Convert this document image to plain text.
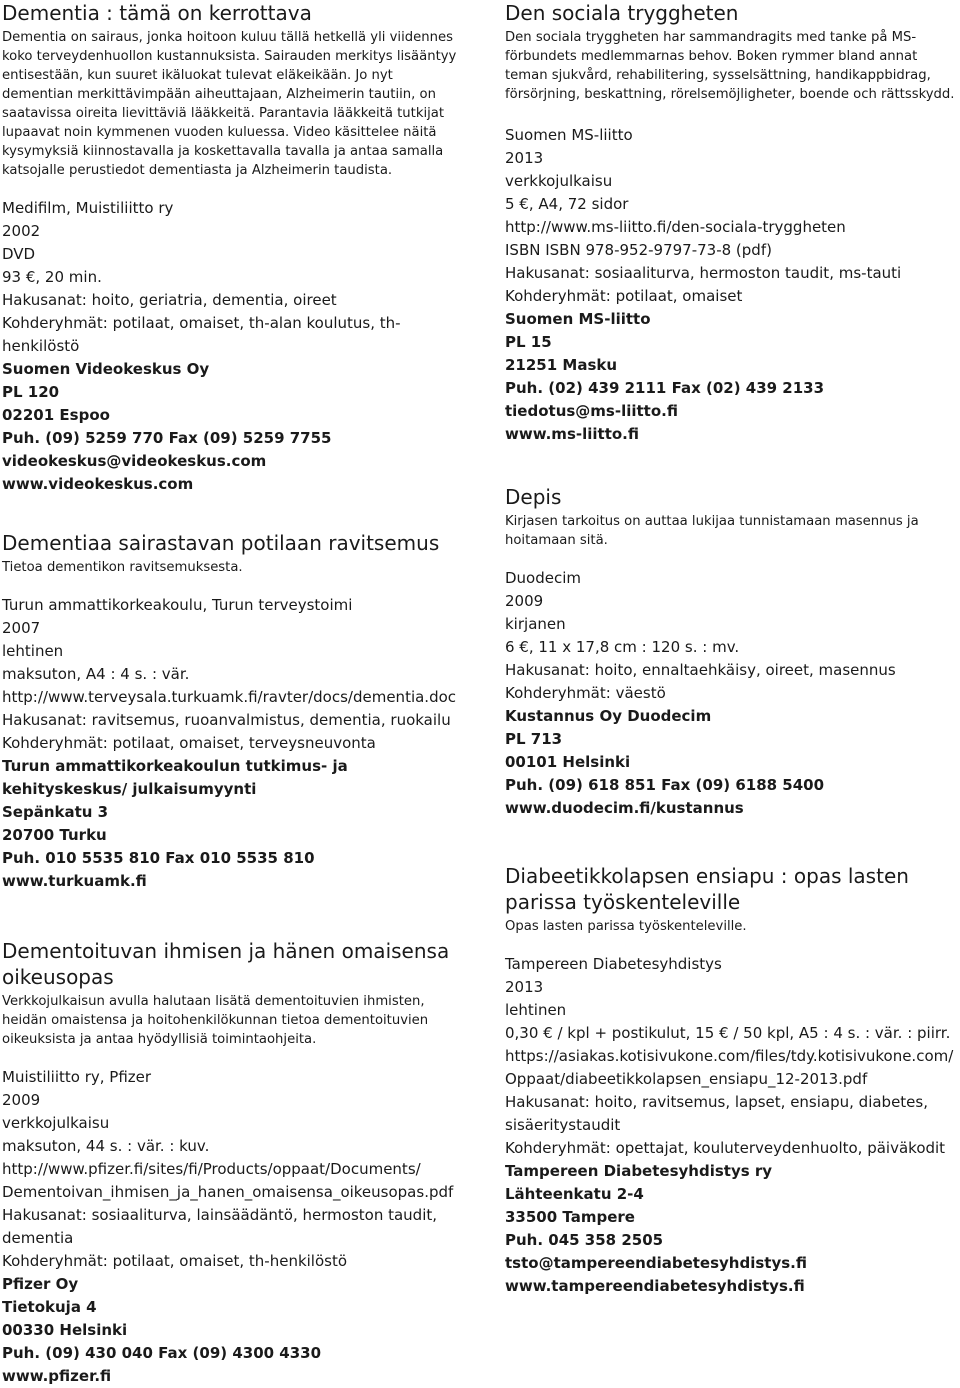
Dementia : tämä on kerrottava

Dementia on sairaus, jonka hoitoon kuluu tällä hetkellä yli viidennes koko terveydenhuollon kustannuksista. Sairauden merkitys lisääntyy entisestään, kun suuret ikäluokat tulevat eläkeikään. Jo nyt dementian merkittävimpään aiheuttajaan, Alzheimerin tautiin, on saatavissa oireita lievittäviä lääkkeitä. Parantavia lääkkeitä tutkijat lupaavat noin kymmenen vuoden kuluessa. Video käsittelee näitä kysymyksiä kiinnostavalla ja koskettavalla tavalla ja antaa samalla katsojalle perustiedot dementiasta ja Alzheimerin taudista.

Medifilm, Muistiliitto ry

2002

DVD

93 €, 20 min.

Hakusanat: hoito, geriatria, dementia, oireet

Kohderyhmät: potilaat, omaiset, th-alan koulutus, th-henkilöstö

Suomen Videokeskus Oy

PL 120

02201 Espoo

Puh. (09) 5259 770 Fax (09) 5259 7755

videokeskus@videokeskus.com

www.videokeskus.com

Dementiaa sairastavan potilaan ravitsemus

Tietoa dementikon ravitsemuksesta.

Turun ammattikorkeakoulu, Turun terveystoimi

2007

lehtinen

maksuton, A4 : 4 s. : vär.

http://www.terveysala.turkuamk.fi/ravter/docs/dementia.doc

Hakusanat: ravitsemus, ruoanvalmistus, dementia, ruokailu

Kohderyhmät: potilaat, omaiset, terveysneuvonta

Turun ammattikorkeakoulun tutkimus- ja kehityskeskus/ julkaisumyynti

Sepänkatu 3

20700 Turku

Puh. 010 5535 810 Fax 010 5535 810

www.turkuamk.fi

Dementoituvan ihmisen ja hänen omaisensa oikeusopas

Verkkojulkaisun avulla halutaan lisätä dementoituvien ihmisten, heidän omaistensa ja hoitohenkilökunnan tietoa dementoituvien oikeuksista ja antaa hyödyllisiä toimintaohjeita.

Muistiliitto ry, Pfizer

2009

verkkojulkaisu

maksuton, 44 s. : vär. : kuv.

http://www.pfizer.fi/sites/fi/Products/oppaat/Documents/

Dementoivan_ihmisen_ja_hanen_omaisensa_oikeusopas.pdf

Hakusanat: sosiaaliturva, lainsäädäntö, hermoston taudit, dementia

Kohderyhmät: potilaat, omaiset, th-henkilöstö

Pfizer Oy

Tietokuja 4

00330 Helsinki

Puh. (09) 430 040 Fax (09) 4300 4330

www.pfizer.fi

Den sociala tryggheten

Den sociala tryggheten har sammandragits med tanke på MS-förbundets medlemmarnas behov. Boken rymmer bland annat teman sjukvård, rehabilitering, sysselsättning, handikappbidrag, försörjning, beskattning, rörelsemöjligheter, boende och rättsskydd.

Suomen MS-liitto

2013

verkkojulkaisu

5 €, A4, 72 sidor

http://www.ms-liitto.fi/den-sociala-tryggheten

ISBN ISBN 978-952-9797-73-8 (pdf)

Hakusanat: sosiaaliturva, hermoston taudit, ms-tauti

Kohderyhmät: potilaat, omaiset

Suomen MS-liitto

PL 15

21251 Masku

Puh. (02) 439 2111 Fax (02) 439 2133

tiedotus@ms-liitto.fi

www.ms-liitto.fi

Depis

Kirjasen tarkoitus on auttaa lukijaa tunnistamaan masennus ja hoitamaan sitä.

Duodecim

2009

kirjanen

6 €, 11 x 17,8 cm : 120 s. : mv.

Hakusanat: hoito, ennaltaehkäisy, oireet, masennus

Kohderyhmät: väestö

Kustannus Oy Duodecim

PL 713

00101 Helsinki

Puh. (09) 618 851 Fax (09) 6188 5400

www.duodecim.fi/kustannus

Diabeetikkolapsen ensiapu : opas lasten parissa työskenteleville

Opas lasten parissa työskenteleville.

Tampereen Diabetesyhdistys

2013

lehtinen

0,30 € / kpl + postikulut, 15 € / 50 kpl, A5 : 4 s. : vär. : piirr.

https://asiakas.kotisivukone.com/files/tdy.kotisivukone.com/

Oppaat/diabeetikkolapsen_ensiapu_12-2013.pdf

Hakusanat: hoito, ravitsemus, lapset, ensiapu, diabetes, sisäeritystaudit

Kohderyhmät: opettajat, kouluterveydenhuolto, päiväkodit

Tampereen Diabetesyhdistys ry

Lähteenkatu 2-4

33500 Tampere

Puh. 045 358 2505

tsto@tampereendiabetesyhdistys.fi

www.tampereendiabetesyhdistys.fi
